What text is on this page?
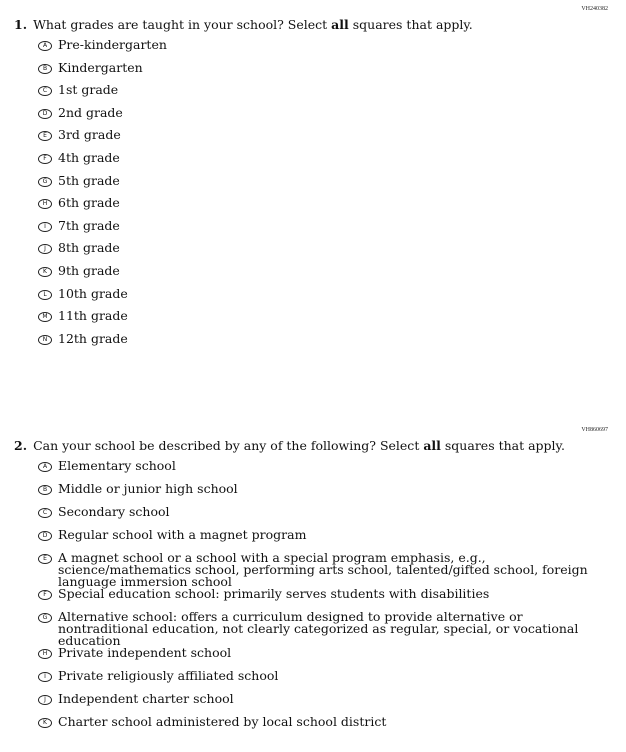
VH240382
1. What grades are taught in your school? Select all squares that apply.
A Pre-kindergarten
B Kindergarten
C 1st grade
D 2nd grade
E 3rd grade
F 4th grade
G 5th grade
H 6th grade
I 7th grade
J 8th grade
K 9th grade
L 10th grade
M 11th grade
N 12th grade
VH860697
2. Can your school be described by any of the following? Select all squares that apply.
A Elementary school
B Middle or junior high school
C Secondary school
D Regular school with a magnet program
E A magnet school or a school with a special program emphasis, e.g., science/mathematics school, performing arts school, talented/gifted school, foreign language immersion school
F Special education school: primarily serves students with disabilities
G Alternative school: offers a curriculum designed to provide alternative or nontraditional education, not clearly categorized as regular, special, or vocational education
H Private independent school
I Private religiously affiliated school
J Independent charter school
K Charter school administered by local school district
